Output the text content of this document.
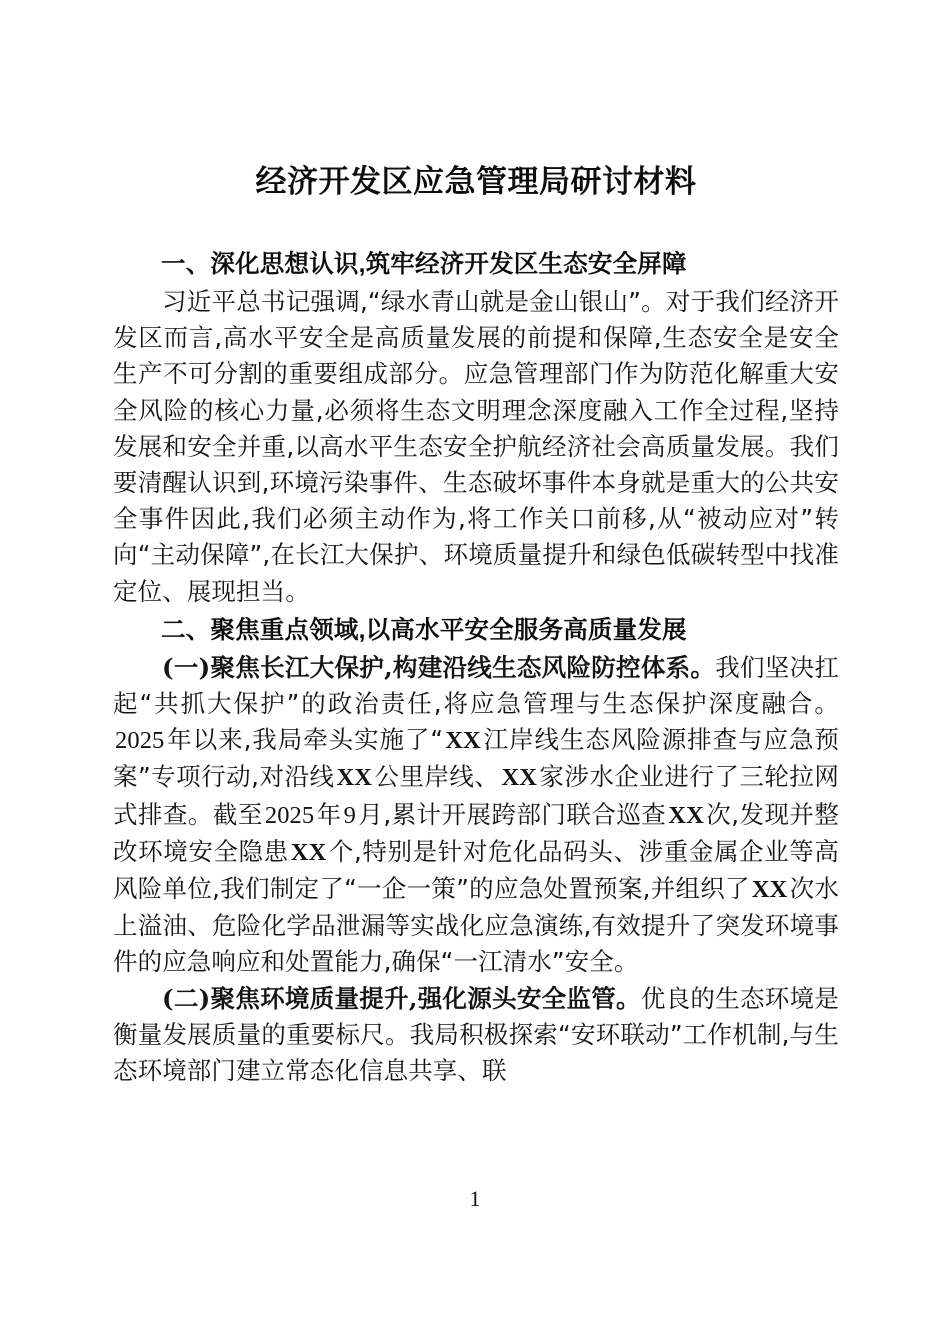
经济开发区应急管理局研讨材料
一、深化思想认识,筑牢经济开发区生态安全屏障

习近平总书记强调,“绿水青山就是金山银山”。对于我们经济开发区而言,高水平安全是高质量发展的前提和保障,生态安全是安全生产不可分割的重要组成部分。应急管理部门作为防范化解重大安全风险的核心力量,必须将生态文明理念深度融入工作全过程,坚持发展和安全并重,以高水平生态安全护航经济社会高质量发展。我们要清醒认识到,环境污染事件、生态破坏事件本身就是重大的公共安全事件因此,我们必须主动作为,将工作关口前移,从“被动应对”转向“主动保障”,在长江大保护、环境质量提升和绿色低碳转型中找准定位、展现担当。

二、聚焦重点领域,以高水平安全服务高质量发展

(一)聚焦长江大保护,构建沿线生态风险防控体系。我们坚决扛起“共抓大保护”的政治责任,将应急管理与生态保护深度融合。2025年以来,我局牵头实施了“XX江岸线生态风险源排查与应急预案”专项行动,对沿线XX公里岸线、XX家涉水企业进行了三轮拉网式排查。截至2025年9月,累计开展跨部门联合巡查XX次,发现并整改环境安全隐患XX个,特别是针对危化品码头、涉重金属企业等高风险单位,我们制定了“一企一策”的应急处置预案,并组织了XX次水上溢油、危险化学品泄漏等实战化应急演练,有效提升了突发环境事件的应急响应和处置能力,确保“一江清水”安全。

(二)聚焦环境质量提升,强化源头安全监管。优良的生态环境是衡量发展质量的重要标尺。我局积极探索“安环联动”工作机制,与生态环境部门建立常态化信息共享、联

1
